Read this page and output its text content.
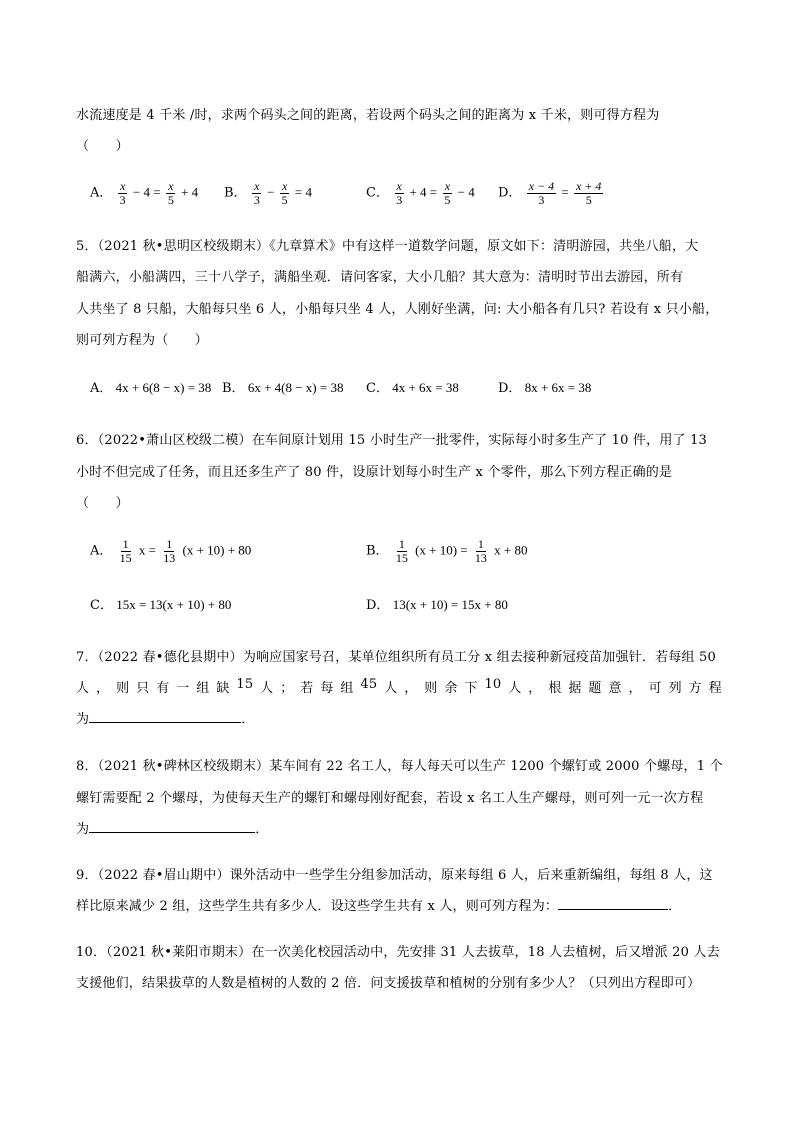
水流速度是 4 千米 /时，求两个码头之间的距离，若设两个码头之间的距离为 x 千米，则可得方程为
（　　）
A． $\frac{x}{3} - 4 = \frac{x}{5} + 4$ B． $\frac{x}{3} - \frac{x}{5} = 4$	C． $\frac{x}{3} + 4 = \frac{x}{5} - 4$ D． $\frac{x - 4}{3} = \frac{x + 4}{5}$
5．（2021 秋•思明区校级期末）《九章算术》中有这样一道数学问题，原文如下：清明游园，共坐八船，大
船满六，小船满四，三十八学子，满船坐观．请问客家，大小几船？其大意为：清明时节出去游园，所有
人共坐了 8 只船，大船每只坐 6 人，小船每只坐 4 人，人刚好坐满，问: 大小船各有几只? 若设有 x 只小船，
则可列方程为（　　）
A． 4x + 6(8 − x) = 38 B． 6x + 4(8 − x) = 38 C． 4x + 6x = 38	D． 8x + 6x = 38
6．（2022•萧山区校级二模）在车间原计划用 15 小时生产一批零件，实际每小时多生产了 10 件，用了 13
小时不但完成了任务，而且还多生产了 80 件，设原计划每小时生产 x 个零件，那么下列方程正确的是
（　　）
A． $\frac{1}{15}$ $x = \frac{1}{13} (x + 10) + 80$	B． $\frac{1}{15} (x + 10) = \frac{1}{13}$ x + 80
C． 15x = 13(x + 10) + 80	D． 13(x + 10) = 15x + 80
7．（2022 春•德化县期中）为响应国家号召，某单位组织所有员工分 x 组去接种新冠疫苗加强针．若每组 50
人 ， 则 只 有 一 组 缺 15 人 ； 若 每 组 45 人 ， 则 余 下 10 人 ， 根 据 题 意 ， 可 列 方 程
为	．
8．（2021 秋•碑林区校级期末）某车间有 22 名工人，每人每天可以生产 1200 个螺钉或 2000 个螺母，1 个
螺钉需要配 2 个螺母，为使每天生产的螺钉和螺母刚好配套，若设 x 名工人生产螺母，则可列一元一次方程
为	．
9．（2022 春•眉山期中）课外活动中一些学生分组参加活动，原来每组 6 人，后来重新编组，每组 8 人，这
样比原来减少 2 组，这些学生共有多少人．设这些学生共有 x 人，则可列方程为：	．
10．（2021 秋•莱阳市期末）在一次美化校园活动中，先安排 31 人去拔草，18 人去植树，后又增派 20 人去
支援他们，结果拔草的人数是植树的人数的 2 倍．问支援拔草和植树的分别有多少人？（只列出方程即可）
